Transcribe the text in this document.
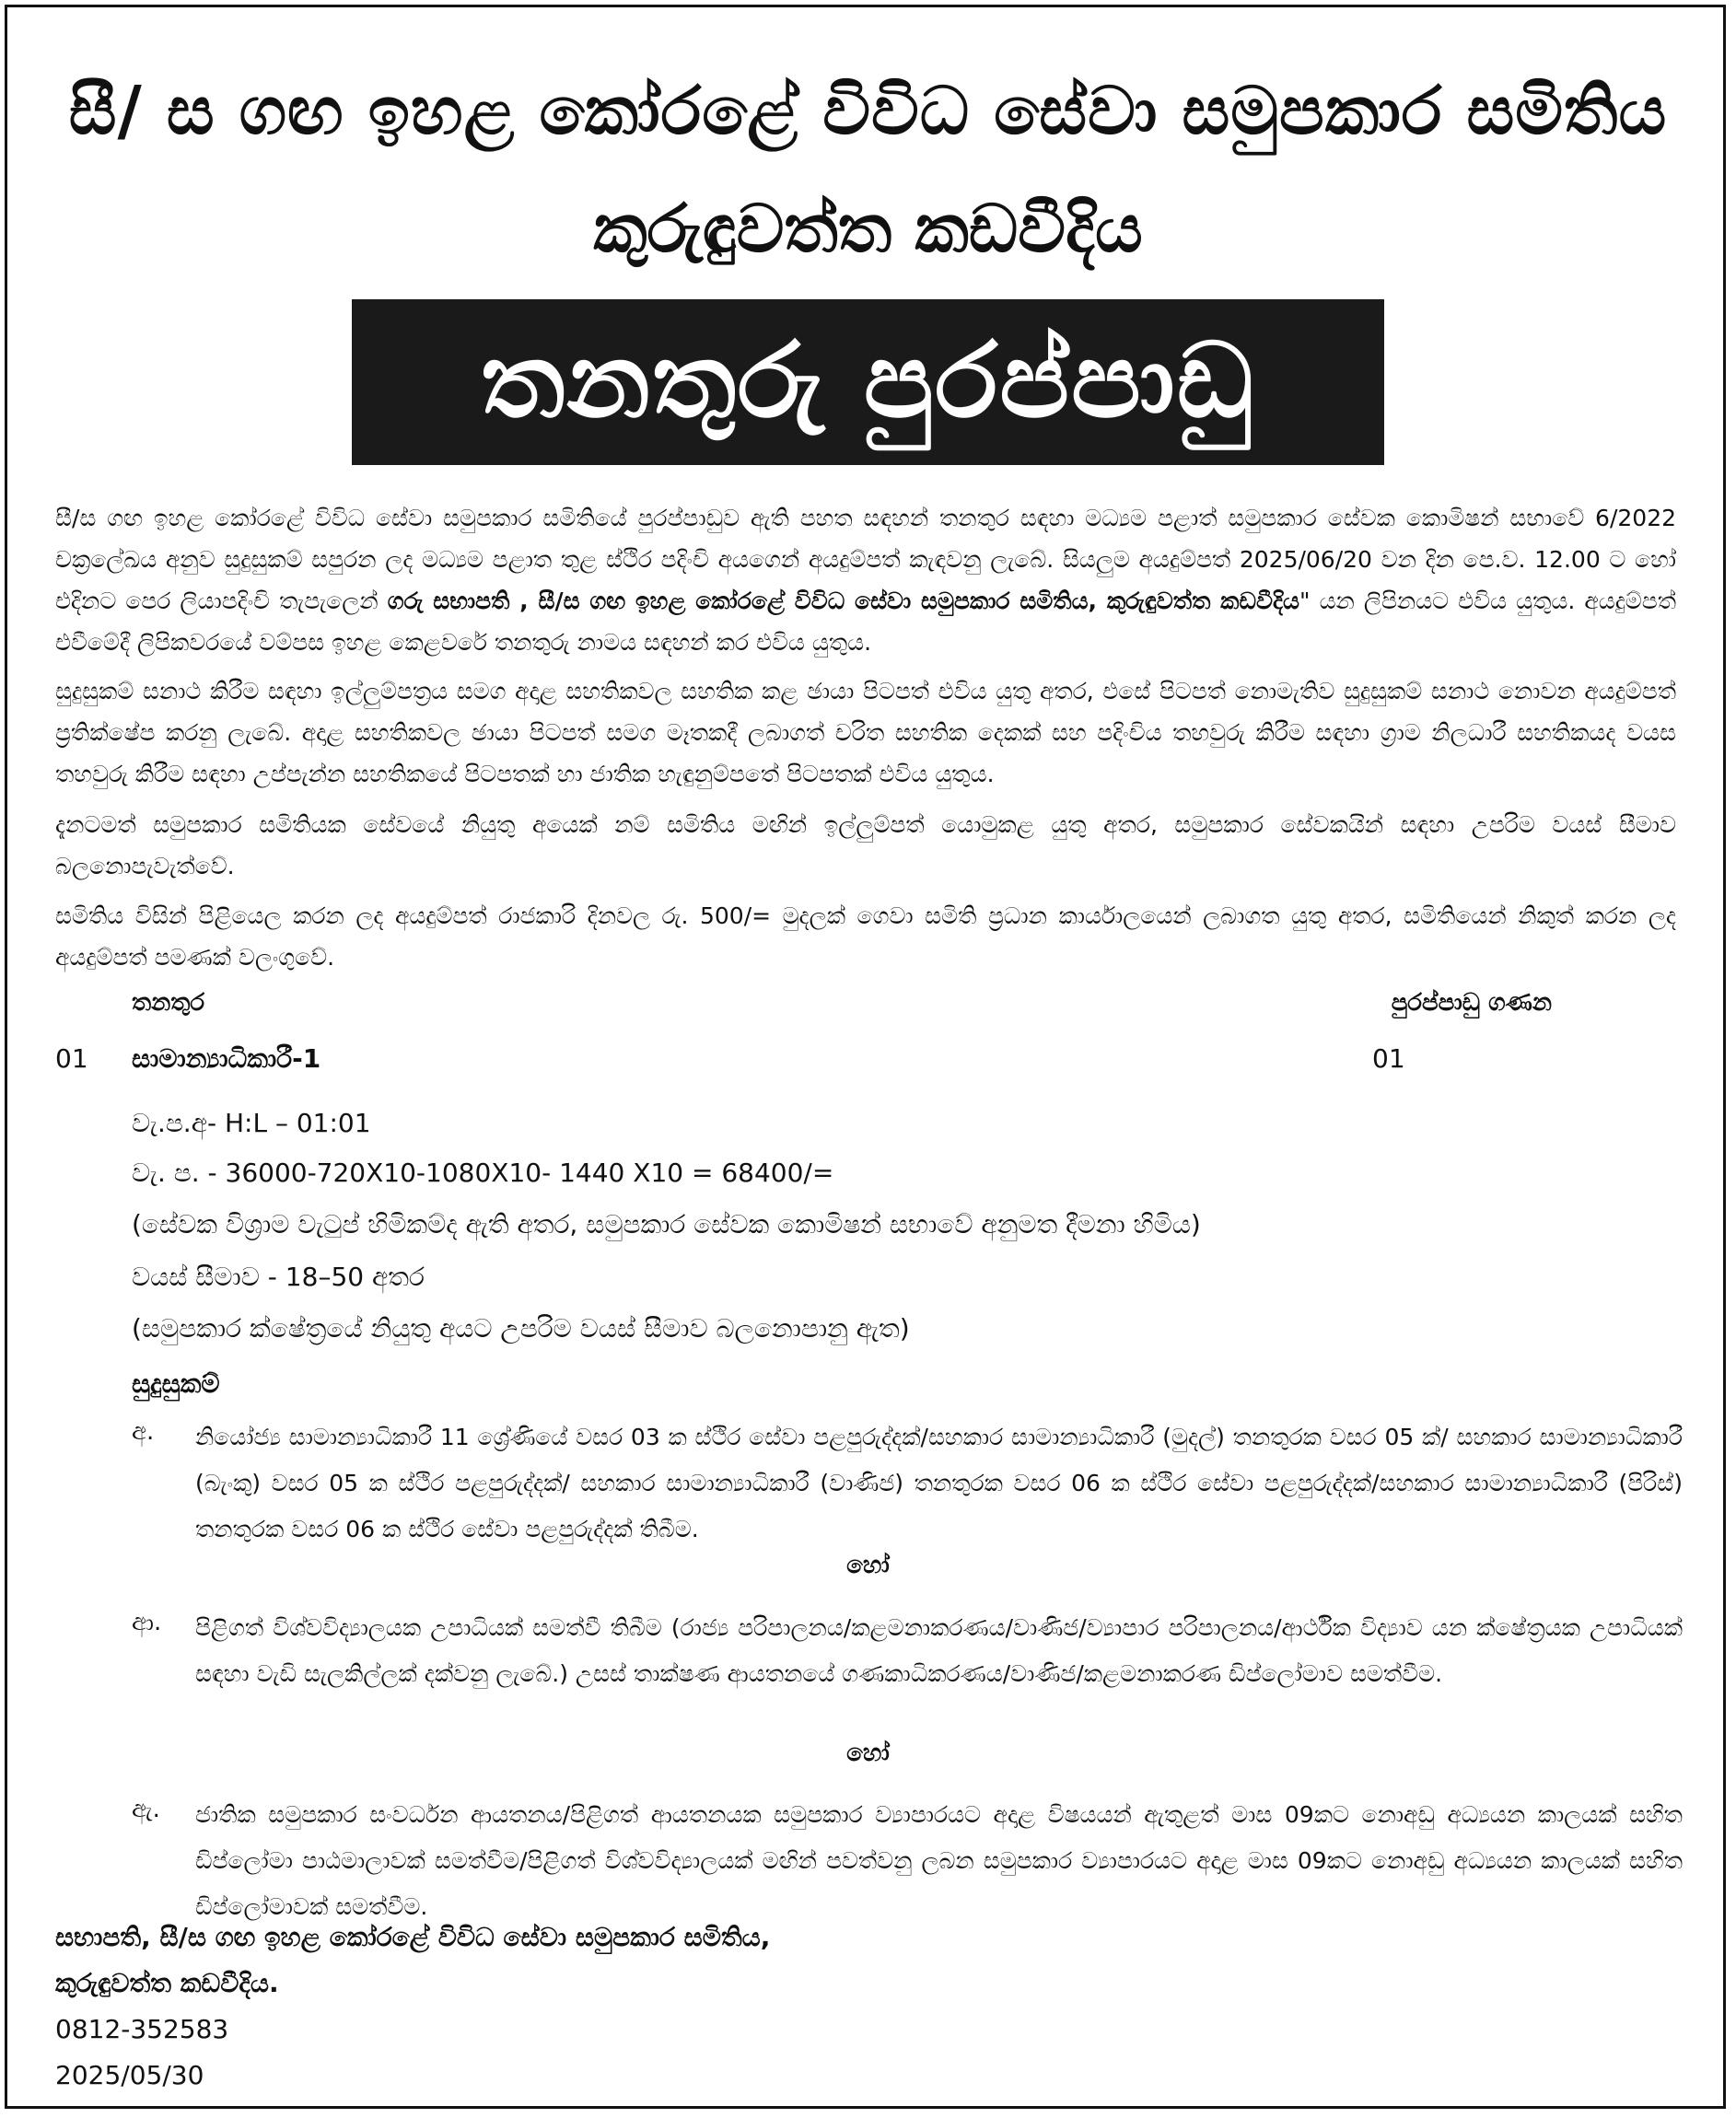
සී/ ස ගඟ ඉහළ කෝරළේ විවිධ සේවා සමුපකාර සමිතිය
කුරුඳුවත්ත කඩවීදිය
තනතුරු පුරප්පාඩු
සී/ස ගඟ ඉහළ කෝරළේ විවිධ සේවා සමුපකාර සමිතියේ පුරප්පාඩුව ඇති පහත සඳහන් තනතුර සඳහා මධ්‍යම පළාත් සමුපකාර සේවක කොමිෂන් සභාවේ 6/2022 චක්‍රලේඛය අනුව සුදුසුකම් සපුරන ලද මධ්‍යම පළාත තුළ ස්ථිර පදිංචි අයගෙන් අයදුම්පත් කැඳවනු ලැබේ. සියලුම අයදුම්පත් 2025/06/20 වන දින පෙ.ව. 12.00 ට හෝ එදිනට පෙර ලියාපදිංචි තැපැලෙන් ගරු සභාපති , සී/ස ගඟ ඉහළ කෝරළේ විවිධ සේවා සමුපකාර සමිතිය, කුරුඳුවත්ත කඩවීදිය" යන ලිපිනයට එවිය යුතුය. අයදුම්පත් එවීමේදී ලිපිකවරයේ වම්පස ඉහළ කෙළවරේ තනතුරු නාමය සඳහන් කර එවිය යුතුය.
සුදුසුකම් සනාථ කිරීම සඳහා ඉල්ලුම්පත්‍රය සමග අදාළ සහතිකවල සහතික කළ ඡායා පිටපත් එවිය යුතු අතර, එසේ පිටපත් නොමැතිව සුදුසුකම් සනාථ නොවන අයදුම්පත් ප්‍රතික්ෂේප කරනු ලැබේ. අදාළ සහතිකවල ඡායා පිටපත් සමග මෑතකදී ලබාගත් චරිත සහතික දෙකක් සහ පදිංචිය තහවුරු කිරීම සඳහා ග්‍රාම නිලධාරී සහතිකයද වයස තහවුරු කිරීම සඳහා උප්පැන්න සහතිකයේ පිටපතක් හා ජාතික හැඳුනුම්පතේ පිටපතක් එවිය යුතුය.
දැනටමත් සමුපකාර සමිතියක සේවයේ නියුතු අයෙක් නම් සමිතිය මඟින් ඉල්ලුම්පත් යොමුකළ යුතු අතර, සමුපකාර සේවකයින් සඳහා උපරිම වයස් සීමාව බලනොපැවැත්වේ.
සමිතිය විසින් පිළියෙල කරන ලද අයදුම්පත් රාජකාරි දිනවල රු. 500/= මුදලක් ගෙවා සමිති ප්‍රධාන කාර්යාලයෙන් ලබාගත යුතු අතර, සමිතියෙන් නිකුත් කරන ලද අයදුම්පත් පමණක් වලංගුවේ.
තනතුර	පුරප්පාඩු ගණන
01 සාමාන්‍යාධිකාරී-1	01
වැ.ප.අ- H:L – 01:01
වැ. ප. - 36000-720X10-1080X10- 1440 X10 = 68400/=
(සේවක විශ්‍රාම වැටුප් හිමිකම්ද ඇති අතර, සමුපකාර සේවක කොමිෂන් සභාවේ අනුමත දීමනා හිමිය)
වයස් සීමාව - 18–50 අතර
(සමුපකාර ක්ෂේත්‍රයේ නියුතු අයට උපරිම වයස් සීමාව බලනොපානු ඇත)
සුදුසුකම්
අ. නියෝජ්‍ය සාමාන්‍යාධිකාරී 11 ශ්‍රේණියේ වසර 03 ක ස්ථිර සේවා පළපුරුද්දක්/සහකාර සාමාන්‍යාධිකාරී (මුදල්) තනතුරක වසර 05 ක්/ සහකාර සාමාන්‍යාධිකාරී (බැංකු) වසර 05 ක ස්ථිර පළපුරුද්දක්/ සහකාර සාමාන්‍යාධිකාරී (වාණිජ) තනතුරක වසර 06 ක ස්ථිර සේවා පළපුරුද්දක්/සහකාර සාමාන්‍යාධිකාරී (පිරිස්) තනතුරක වසර 06 ක ස්ථිර සේවා පළපුරුද්දක් තිබීම.
හෝ
ආ. පිළිගත් විශ්වවිද්‍යාලයක උපාධියක් සමත්වී තිබීම (රාජ්‍ය පරිපාලනය/කළමනාකරණය/වාණිජ/ව්‍යාපාර පරිපාලනය/ආර්ථික විද්‍යාව යන ක්ෂේත්‍රයක උපාධියක් සඳහා වැඩි සැලකිල්ලක් දක්වනු ලැබේ.) උසස් තාක්ෂණ ආයතනයේ ගණකාධිකරණය/වාණිජ/කළමනාකරණ ඩිප්ලෝමාව සමත්වීම.
හෝ
ඇ. ජාතික සමුපකාර සංවර්ධන ආයතනය/පිළිගත් ආයතනයක සමුපකාර ව්‍යාපාරයට අදාළ විෂයයන් ඇතුළත් මාස 09කට නොඅඩු අධ්‍යයන කාලයක් සහිත ඩිප්ලෝමා පාඨමාලාවක් සමත්වීම/පිළිගත් විශ්වවිද්‍යාලයක් මඟින් පවත්වනු ලබන සමුපකාර ව්‍යාපාරයට අදාළ මාස 09කට නොඅඩු අධ්‍යයන කාලයක් සහිත ඩිප්ලෝමාවක් සමත්වීම.
සභාපති, සී/ස ගඟ ඉහළ කෝරළේ විවිධ සේවා සමුපකාර සමිතිය,
කුරුඳුවත්ත කඩවීදිය.
0812-352583
2025/05/30
